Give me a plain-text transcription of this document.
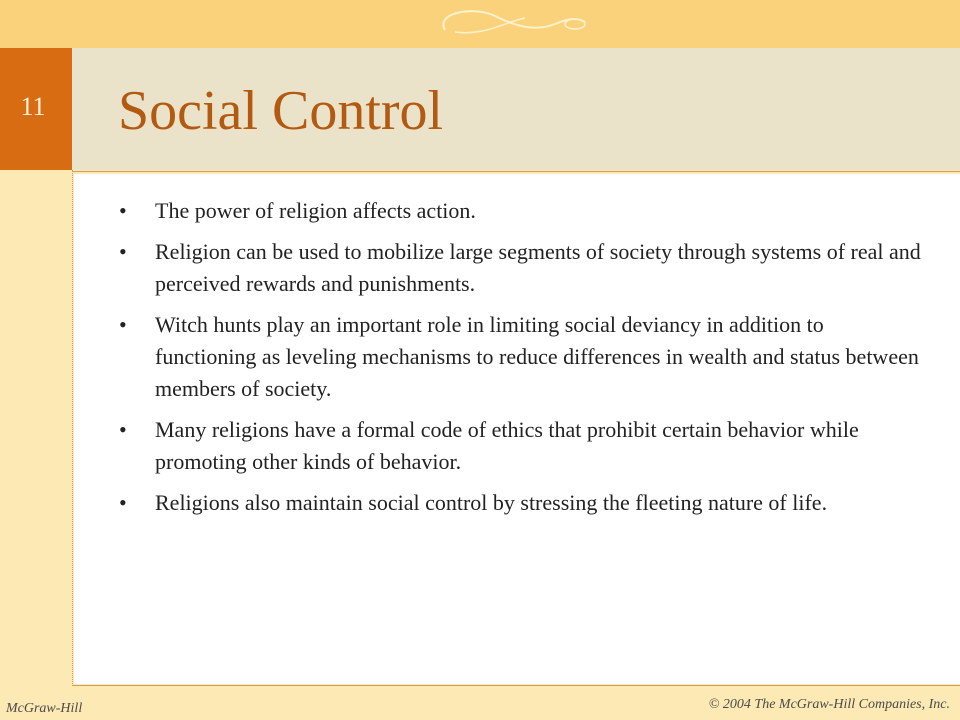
11	Social Control
•	The power of religion affects action.
•	Religion can be used to mobilize large segments of society through systems of real and perceived rewards and punishments.
•	Witch hunts play an important role in limiting social deviancy in addition to functioning as leveling mechanisms to reduce differences in wealth and status between members of society.
•	Many religions have a formal code of ethics that prohibit certain behavior while promoting other kinds of behavior.
•	Religions also maintain social control by stressing the fleeting nature of life.
McGraw-Hill	© 2004 The McGraw-Hill Companies, Inc.
